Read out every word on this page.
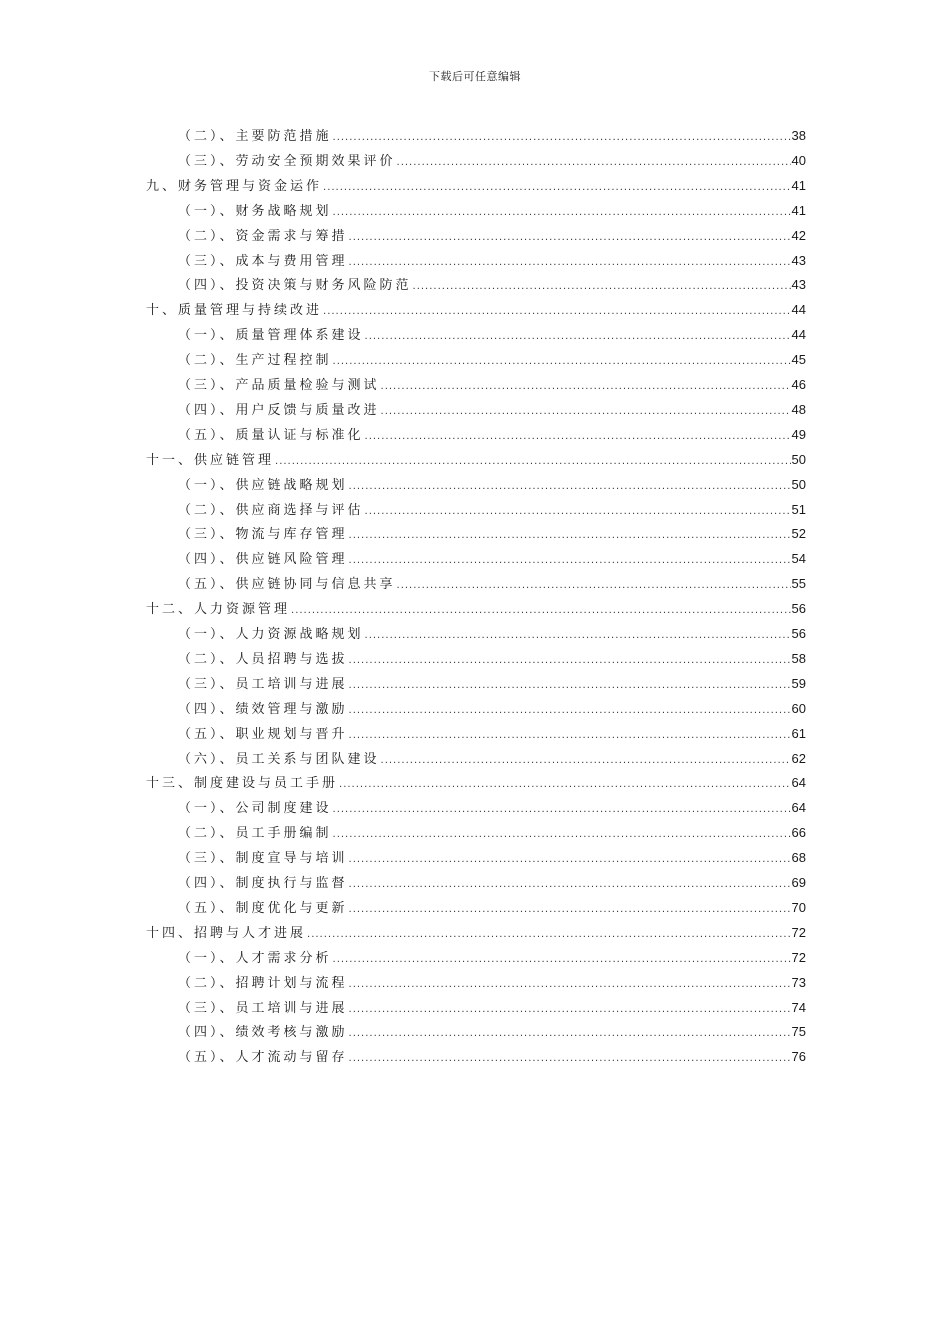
下载后可任意编辑
（二）、主要防范措施 .....	38
（三）、劳动安全预期效果评价 .....	40
九、财务管理与资金运作 .....	41
（一）、财务战略规划 .....	41
（二）、资金需求与筹措 .....	42
（三）、成本与费用管理 .....	43
（四）、投资决策与财务风险防范 .....	43
十、质量管理与持续改进 .....	44
（一）、质量管理体系建设 .....	44
（二）、生产过程控制 .....	45
（三）、产品质量检验与测试 .....	46
（四）、用户反馈与质量改进 .....	48
（五）、质量认证与标准化 .....	49
十一、供应链管理 .....	50
（一）、供应链战略规划 .....	50
（二）、供应商选择与评估 .....	51
（三）、物流与库存管理 .....	52
（四）、供应链风险管理 .....	54
（五）、供应链协同与信息共享 .....	55
十二、人力资源管理 .....	56
（一）、人力资源战略规划 .....	56
（二）、人员招聘与选拔 .....	58
（三）、员工培训与进展 .....	59
（四）、绩效管理与激励 .....	60
（五）、职业规划与晋升 .....	61
（六）、员工关系与团队建设 .....	62
十三、制度建设与员工手册 .....	64
（一）、公司制度建设 .....	64
（二）、员工手册编制 .....	66
（三）、制度宣导与培训 .....	68
（四）、制度执行与监督 .....	69
（五）、制度优化与更新 .....	70
十四、招聘与人才进展 .....	72
（一）、人才需求分析 .....	72
（二）、招聘计划与流程 .....	73
（三）、员工培训与进展 .....	74
（四）、绩效考核与激励 .....	75
（五）、人才流动与留存 .....	76
